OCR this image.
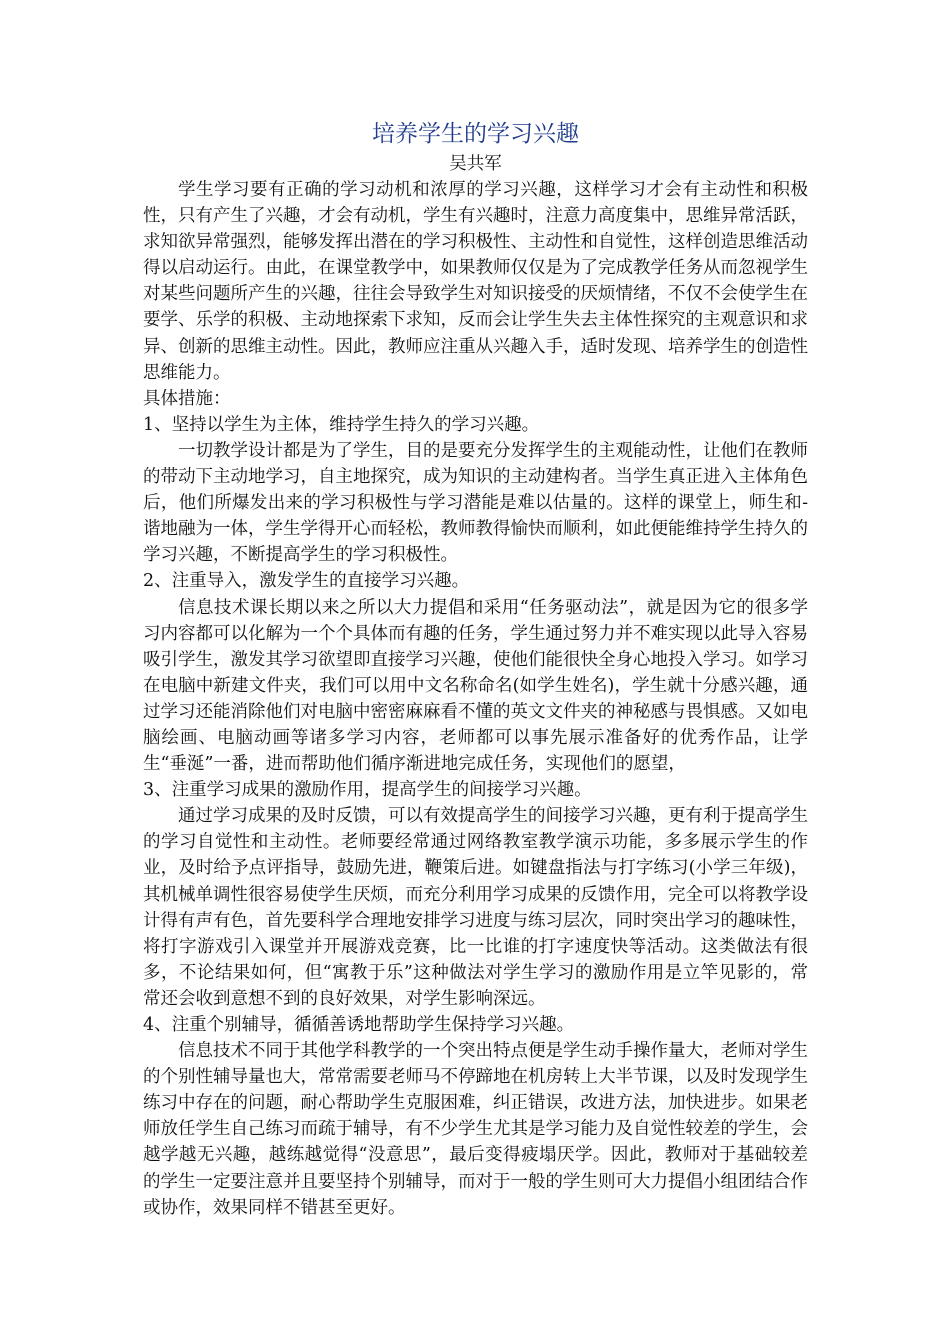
培养学生的学习兴趣

吴共军

学生学习要有正确的学习动机和浓厚的学习兴趣，这样学习才会有主动性和积极性，只有产生了兴趣，才会有动机，学生有兴趣时，注意力高度集中，思维异常活跃，求知欲异常强烈，能够发挥出潜在的学习积极性、主动性和自觉性，这样创造思维活动得以启动运行。由此，在课堂教学中，如果教师仅仅是为了完成教学任务从而忽视学生对某些问题所产生的兴趣，往往会导致学生对知识接受的厌烦情绪，不仅不会使学生在要学、乐学的积极、主动地探索下求知，反而会让学生失去主体性探究的主观意识和求异、创新的思维主动性。因此，教师应注重从兴趣入手，适时发现、培养学生的创造性思维能力。

具体措施：

1、坚持以学生为主体，维持学生持久的学习兴趣。

一切教学设计都是为了学生，目的是要充分发挥学生的主观能动性，让他们在教师的带动下主动地学习，自主地探究，成为知识的主动建构者。当学生真正进入主体角色后，他们所爆发出来的学习积极性与学习潜能是难以估量的。这样的课堂上，师生和-谐地融为一体，学生学得开心而轻松，教师教得愉快而顺利，如此便能维持学生持久的学习兴趣，不断提高学生的学习积极性。

2、注重导入，激发学生的直接学习兴趣。

信息技术课长期以来之所以大力提倡和采用“任务驱动法”，就是因为它的很多学习内容都可以化解为一个个具体而有趣的任务，学生通过努力并不难实现以此导入容易吸引学生，激发其学习欲望即直接学习兴趣，使他们能很快全身心地投入学习。如学习在电脑中新建文件夹，我们可以用中文名称命名(如学生姓名)，学生就十分感兴趣，通过学习还能消除他们对电脑中密密麻麻看不懂的英文文件夹的神秘感与畏惧感。又如电脑绘画、电脑动画等诸多学习内容，老师都可以事先展示准备好的优秀作品，让学生“垂涎”一番，进而帮助他们循序渐进地完成任务，实现他们的愿望，

3、注重学习成果的激励作用，提高学生的间接学习兴趣。

通过学习成果的及时反馈，可以有效提高学生的间接学习兴趣，更有利于提高学生的学习自觉性和主动性。老师要经常通过网络教室教学演示功能，多多展示学生的作业，及时给予点评指导，鼓励先进，鞭策后进。如键盘指法与打字练习(小学三年级)，其机械单调性很容易使学生厌烦，而充分利用学习成果的反馈作用，完全可以将教学设计得有声有色，首先要科学合理地安排学习进度与练习层次，同时突出学习的趣味性，将打字游戏引入课堂并开展游戏竞赛，比一比谁的打字速度快等活动。这类做法有很多，不论结果如何，但“寓教于乐”这种做法对学生学习的激励作用是立竿见影的，常常还会收到意想不到的良好效果，对学生影响深远。

4、注重个别辅导，循循善诱地帮助学生保持学习兴趣。

信息技术不同于其他学科教学的一个突出特点便是学生动手操作量大，老师对学生的个别性辅导量也大，常常需要老师马不停蹄地在机房转上大半节课，以及时发现学生练习中存在的问题，耐心帮助学生克服困难，纠正错误，改进方法，加快进步。如果老师放任学生自己练习而疏于辅导，有不少学生尤其是学习能力及自觉性较差的学生，会越学越无兴趣，越练越觉得“没意思”，最后变得疲塌厌学。因此，教师对于基础较差的学生一定要注意并且要坚持个别辅导，而对于一般的学生则可大力提倡小组团结合作或协作，效果同样不错甚至更好。
